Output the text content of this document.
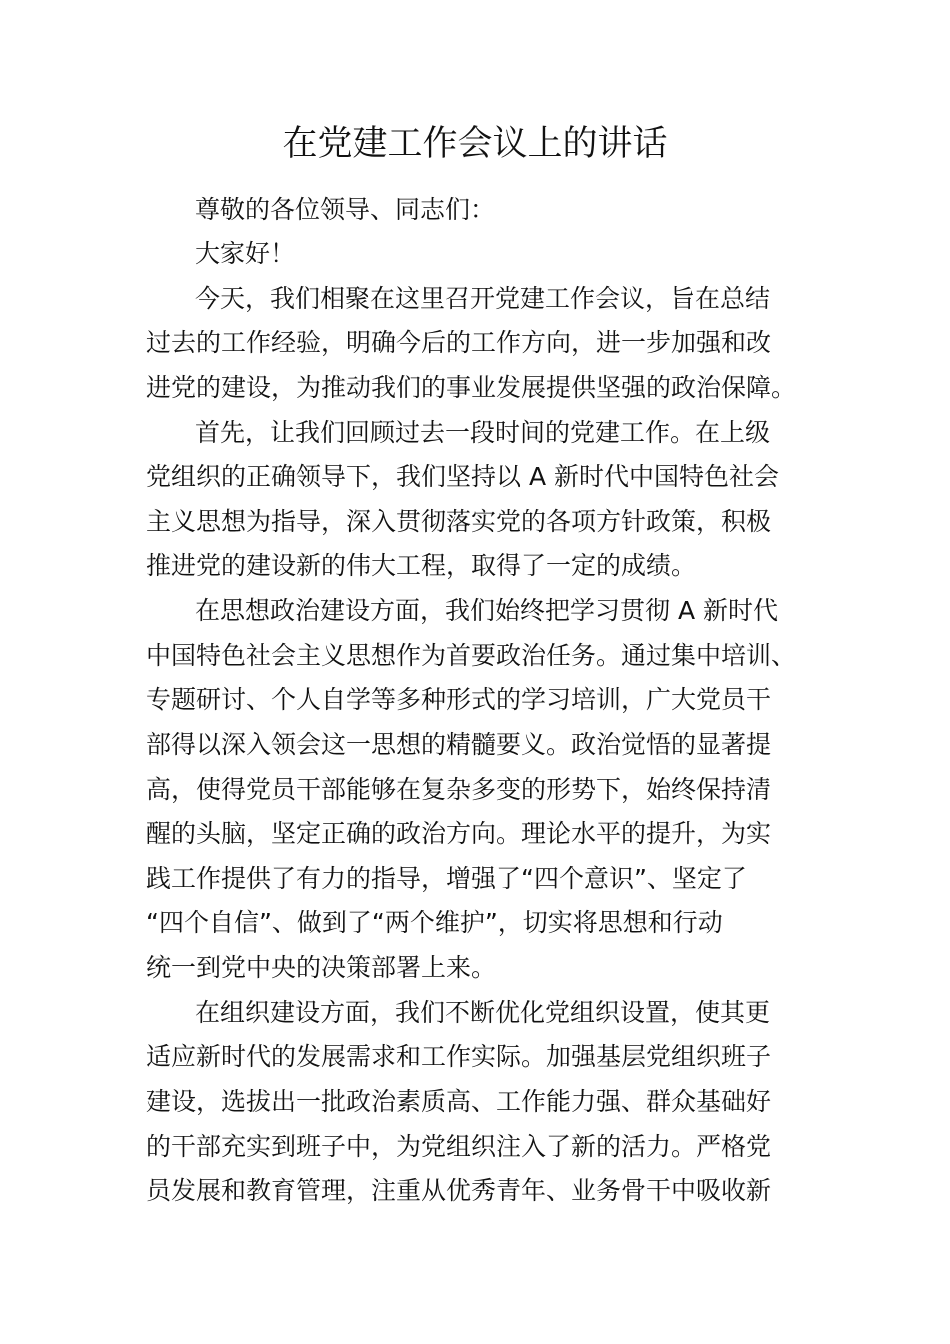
在党建工作会议上的讲话

尊敬的各位领导、同志们：

大家好！

今天，我们相聚在这里召开党建工作会议，旨在总结

过去的工作经验，明确今后的工作方向，进一步加强和改

进党的建设，为推动我们的事业发展提供坚强的政治保障。

首先，让我们回顾过去一段时间的党建工作。在上级

党组织的正确领导下，我们坚持以 A 新时代中国特色社会

主义思想为指导，深入贯彻落实党的各项方针政策，积极

推进党的建设新的伟大工程，取得了一定的成绩。

在思想政治建设方面，我们始终把学习贯彻 A 新时代

中国特色社会主义思想作为首要政治任务。通过集中培训、

专题研讨、个人自学等多种形式的学习培训，广大党员干

部得以深入领会这一思想的精髓要义。政治觉悟的显著提

高，使得党员干部能够在复杂多变的形势下，始终保持清

醒的头脑，坚定正确的政治方向。理论水平的提升，为实

践工作提供了有力的指导，增强了“四个意识”、坚定了

“四个自信”、做到了“两个维护”，切实将思想和行动

统一到党中央的决策部署上来。

在组织建设方面，我们不断优化党组织设置，使其更

适应新时代的发展需求和工作实际。加强基层党组织班子

建设，选拔出一批政治素质高、工作能力强、群众基础好

的干部充实到班子中，为党组织注入了新的活力。严格党

员发展和教育管理，注重从优秀青年、业务骨干中吸收新
